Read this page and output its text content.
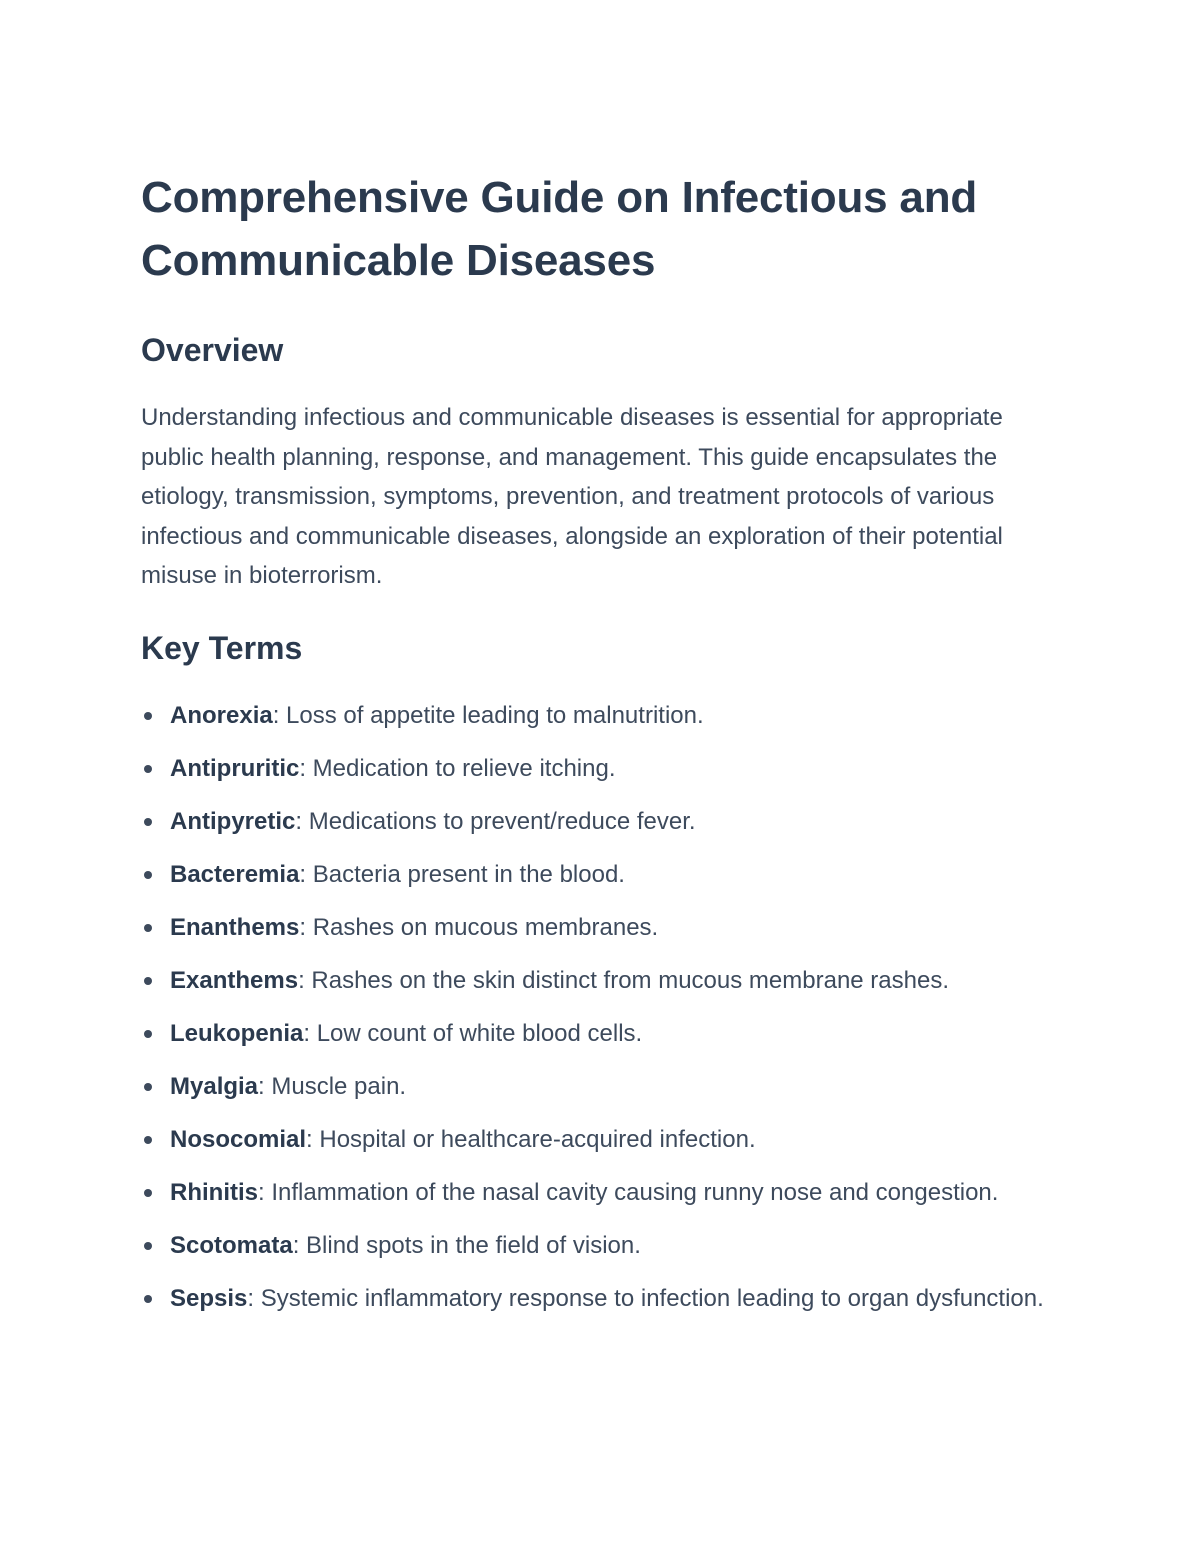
Comprehensive Guide on Infectious and Communicable Diseases
Overview

Understanding infectious and communicable diseases is essential for appropriate public health planning, response, and management. This guide encapsulates the etiology, transmission, symptoms, prevention, and treatment protocols of various infectious and communicable diseases, alongside an exploration of their potential misuse in bioterrorism.

Key Terms
Anorexia: Loss of appetite leading to malnutrition.
Antipruritic: Medication to relieve itching.
Antipyretic: Medications to prevent/reduce fever.
Bacteremia: Bacteria present in the blood.
Enanthems: Rashes on mucous membranes.
Exanthems: Rashes on the skin distinct from mucous membrane rashes.
Leukopenia: Low count of white blood cells.
Myalgia: Muscle pain.
Nosocomial: Hospital or healthcare-acquired infection.
Rhinitis: Inflammation of the nasal cavity causing runny nose and congestion.
Scotomata: Blind spots in the field of vision.
Sepsis: Systemic inflammatory response to infection leading to organ dysfunction.
